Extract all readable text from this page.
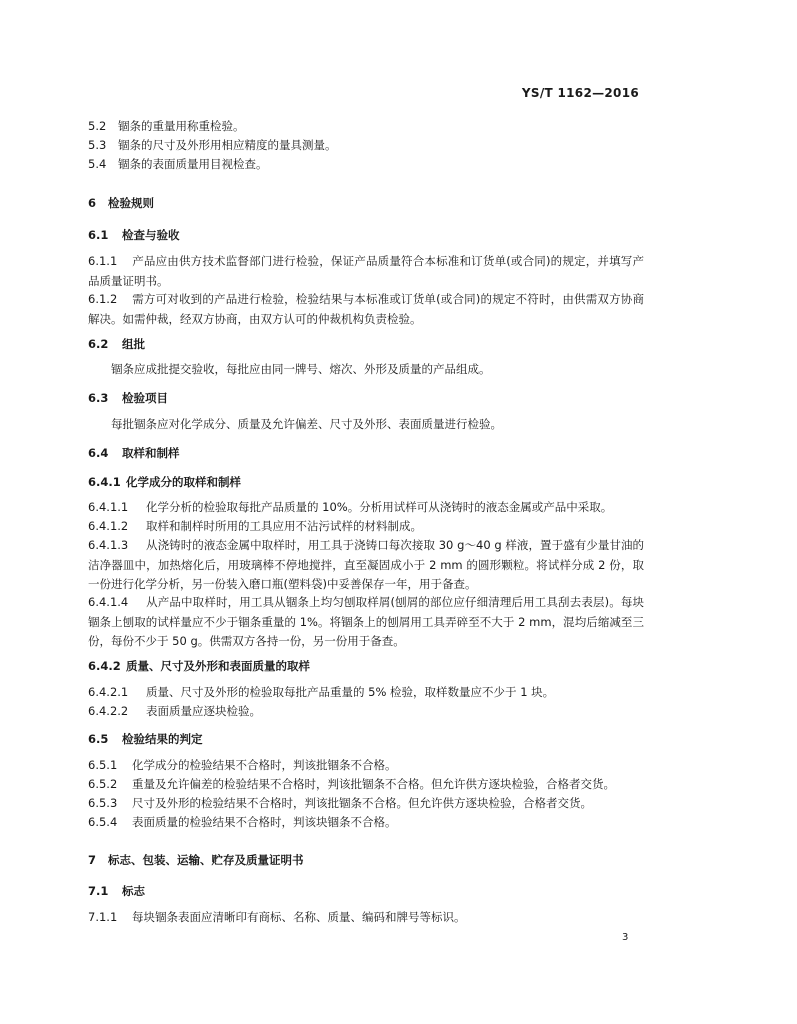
YS/T 1162—2016
5.2 锢条的重量用称重检验。
5.3 锢条的尺寸及外形用相应精度的量具测量。
5.4 锢条的表面质量用目视检查。
6 检验规则
6.1 检查与验收
6.1.1 产品应由供方技术监督部门进行检验，保证产品质量符合本标准和订货单(或合同)的规定，并填写产品质量证明书。
6.1.2 需方可对收到的产品进行检验，检验结果与本标准或订货单(或合同)的规定不符时，由供需双方协商解决。如需仲裁，经双方协商，由双方认可的仲裁机构负责检验。
6.2 组批
锢条应成批提交验收，每批应由同一牌号、熔次、外形及质量的产品组成。
6.3 检验项目
每批锢条应对化学成分、质量及允许偏差、尺寸及外形、表面质量进行检验。
6.4 取样和制样
6.4.1 化学成分的取样和制样
6.4.1.1 化学分析的检验取每批产品质量的 10%。分析用试样可从浇铸时的液态金属或产品中采取。
6.4.1.2 取样和制样时所用的工具应用不沾污试样的材料制成。
6.4.1.3 从浇铸时的液态金属中取样时，用工具于浇铸口每次接取 30 g～40 g 样液，置于盛有少量甘油的洁净器皿中，加热熔化后，用玻璃棒不停地搅拌，直至凝固成小于 2 mm 的圆形颗粒。将试样分成 2 份，取一份进行化学分析，另一份装入磨口瓶(塑料袋)中妥善保存一年，用于备查。
6.4.1.4 从产品中取样时，用工具从锢条上均匀刨取样屑(刨屑的部位应仔细清理后用工具刮去表层)。每块锢条上刨取的试样量应不少于锢条重量的 1%。将锢条上的刨屑用工具弄碎至不大于 2 mm，混均后缩减至三份，每份不少于 50 g。供需双方各持一份，另一份用于备查。
6.4.2 质量、尺寸及外形和表面质量的取样
6.4.2.1 质量、尺寸及外形的检验取每批产品重量的 5% 检验，取样数量应不少于 1 块。
6.4.2.2 表面质量应逐块检验。
6.5 检验结果的判定
6.5.1 化学成分的检验结果不合格时，判该批锢条不合格。
6.5.2 重量及允许偏差的检验结果不合格时，判该批锢条不合格。但允许供方逐块检验，合格者交货。
6.5.3 尺寸及外形的检验结果不合格时，判该批锢条不合格。但允许供方逐块检验，合格者交货。
6.5.4 表面质量的检验结果不合格时，判该块锢条不合格。
7 标志、包装、运输、贮存及质量证明书
7.1 标志
7.1.1 每块锢条表面应清晰印有商标、名称、质量、编码和牌号等标识。
3
